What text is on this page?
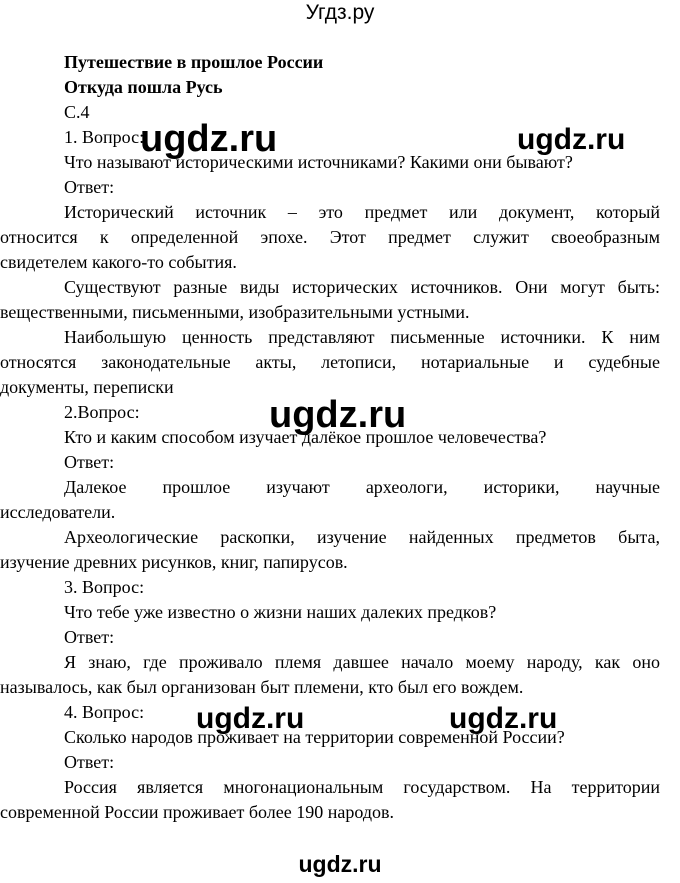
Угдз.ру
Путешествие в прошлое России
Откуда пошла Русь
С.4
1. Вопрос:
Что называют историческими источниками? Какими они бывают?
Ответ:
Исторический источник – это предмет или документ, который
относится к определенной эпохе. Этот предмет служит своеобразным
свидетелем какого-то события.
Существуют разные виды исторических источников. Они могут быть:
вещественными, письменными, изобразительными устными.
Наибольшую ценность представляют письменные источники. К ним
относятся законодательные акты, летописи, нотариальные и судебные
документы, переписки
2.Вопрос:
Кто и каким способом изучает далёкое прошлое человечества?
Ответ:
Далекое прошлое изучают археологи, историки, научные
исследователи.
Археологические раскопки, изучение найденных предметов быта,
изучение древних рисунков, книг, папирусов.
3. Вопрос:
Что тебе уже известно о жизни наших далеких предков?
Ответ:
Я знаю, где проживало племя давшее начало моему народу, как оно
называлось, как был организован быт племени, кто был его вождем.
4. Вопрос:
Сколько народов проживает на территории современной России?
Ответ:
Россия является многонациональным государством. На территории
современной России проживает более 190 народов.
ugdz.ru	ugdz.ru
ugdz.ru
ugdz.ru	ugdz.ru
ugdz.ru
